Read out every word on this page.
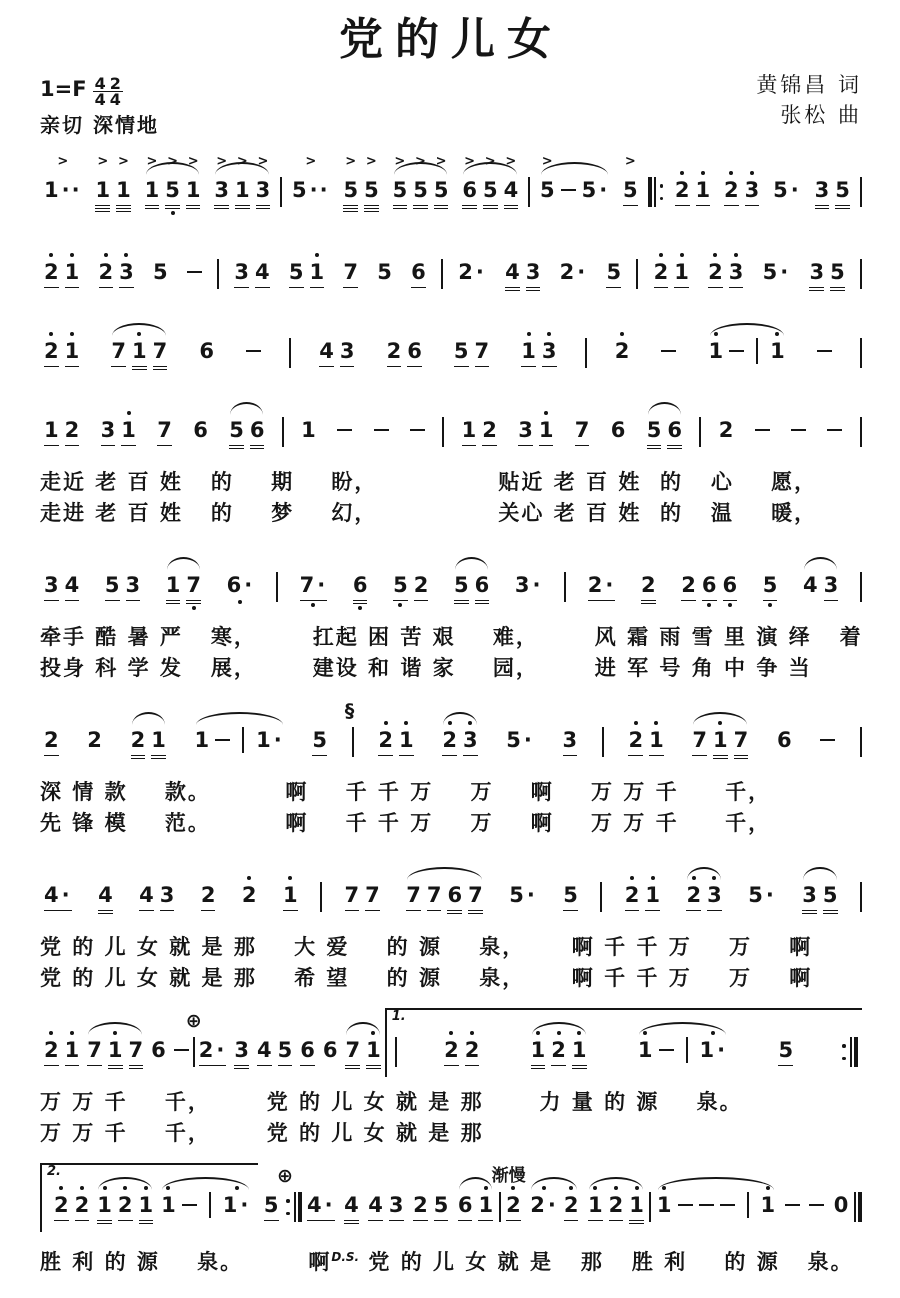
党的儿女
$1=F \frac{4}{4} \frac{2}{4}$
亲切 深情地
黄锦昌 词
张松 曲
>
1 ··
>
1
>
1
>
1
>
5
>
1
>
3
>
1
>
3
>
5 ··
>
5
>
5
>
5
>
5
>
5
>
6
>
5
>
4
>
5 5 ·
>
5 2 1 2 3 5 · 3 5
2 1 2 3 5	3 4 5 1 7 5 6 2 · 4 3 2 · 5 2 1 2 3 5 · 3 5
2 1 7 1 7 6	4 3 2 6 5 7 1 3	2	1 1
1 2 3 1 7 6 5 6 1	1 2 3 1 7 6 5 6 2
走近 老 百 姓   的    期    盼，             贴近 老 百 姓  的   心    愿，
走进 老 百 姓   的    梦    幻，             关心 老 百 姓  的   温    暖，
3 4 5 3 1 7 6 · 7 · 6 5 2 5 6 3 · 2 · 2 2 6 6 5 4 3
牵手 酷 暑 严   寒，      扛起 困 苦 艰    难，      风 霜 雨 雪 里 演 绎   着
投身 科 学 发   展，      建设 和 谐 家    园，      进 军 号 角 中 争 当
2 2 2 1 1 1 · 5
§
2 1 2 3 5 · 3 2 1 7 1 7 6
深 情 款    款。        啊    千 千 万    万    啊    万 万 千     千，
先 锋 模    范。        啊    千 千 万    万    啊    万 万 千     千，
4 · 4 4 3 2 2 1 7 7 7 7 6 7 5 · 5 2 1 2 3 5 · 3 5
党 的 儿 女 就 是 那    大 爱    的 源    泉，     啊 千 千 万    万    啊
党 的 儿 女 就 是 那    希 望    的 源    泉，     啊 千 千 万    万    啊
2 1 7 1 7 6
⊕
2 · 3 4 5 6 6 7 1
1.
2 2 1 2 1 1 1 · 5
万 万 千    千，      党 的 儿 女 就 是 那      力 量 的 源    泉。
万 万 千    千，      党 的 儿 女 就 是 那
2.
2 2 1 2 1 1 1 · 5
⊕
4 · 4 4 3 2 5 6 1
渐慢
2 2 · 2 1 2 1 1	1	0
胜 利 的 源    泉。       啊$^{D.S.}$ 党 的 儿 女 就 是   那   胜 利    的 源   泉。
